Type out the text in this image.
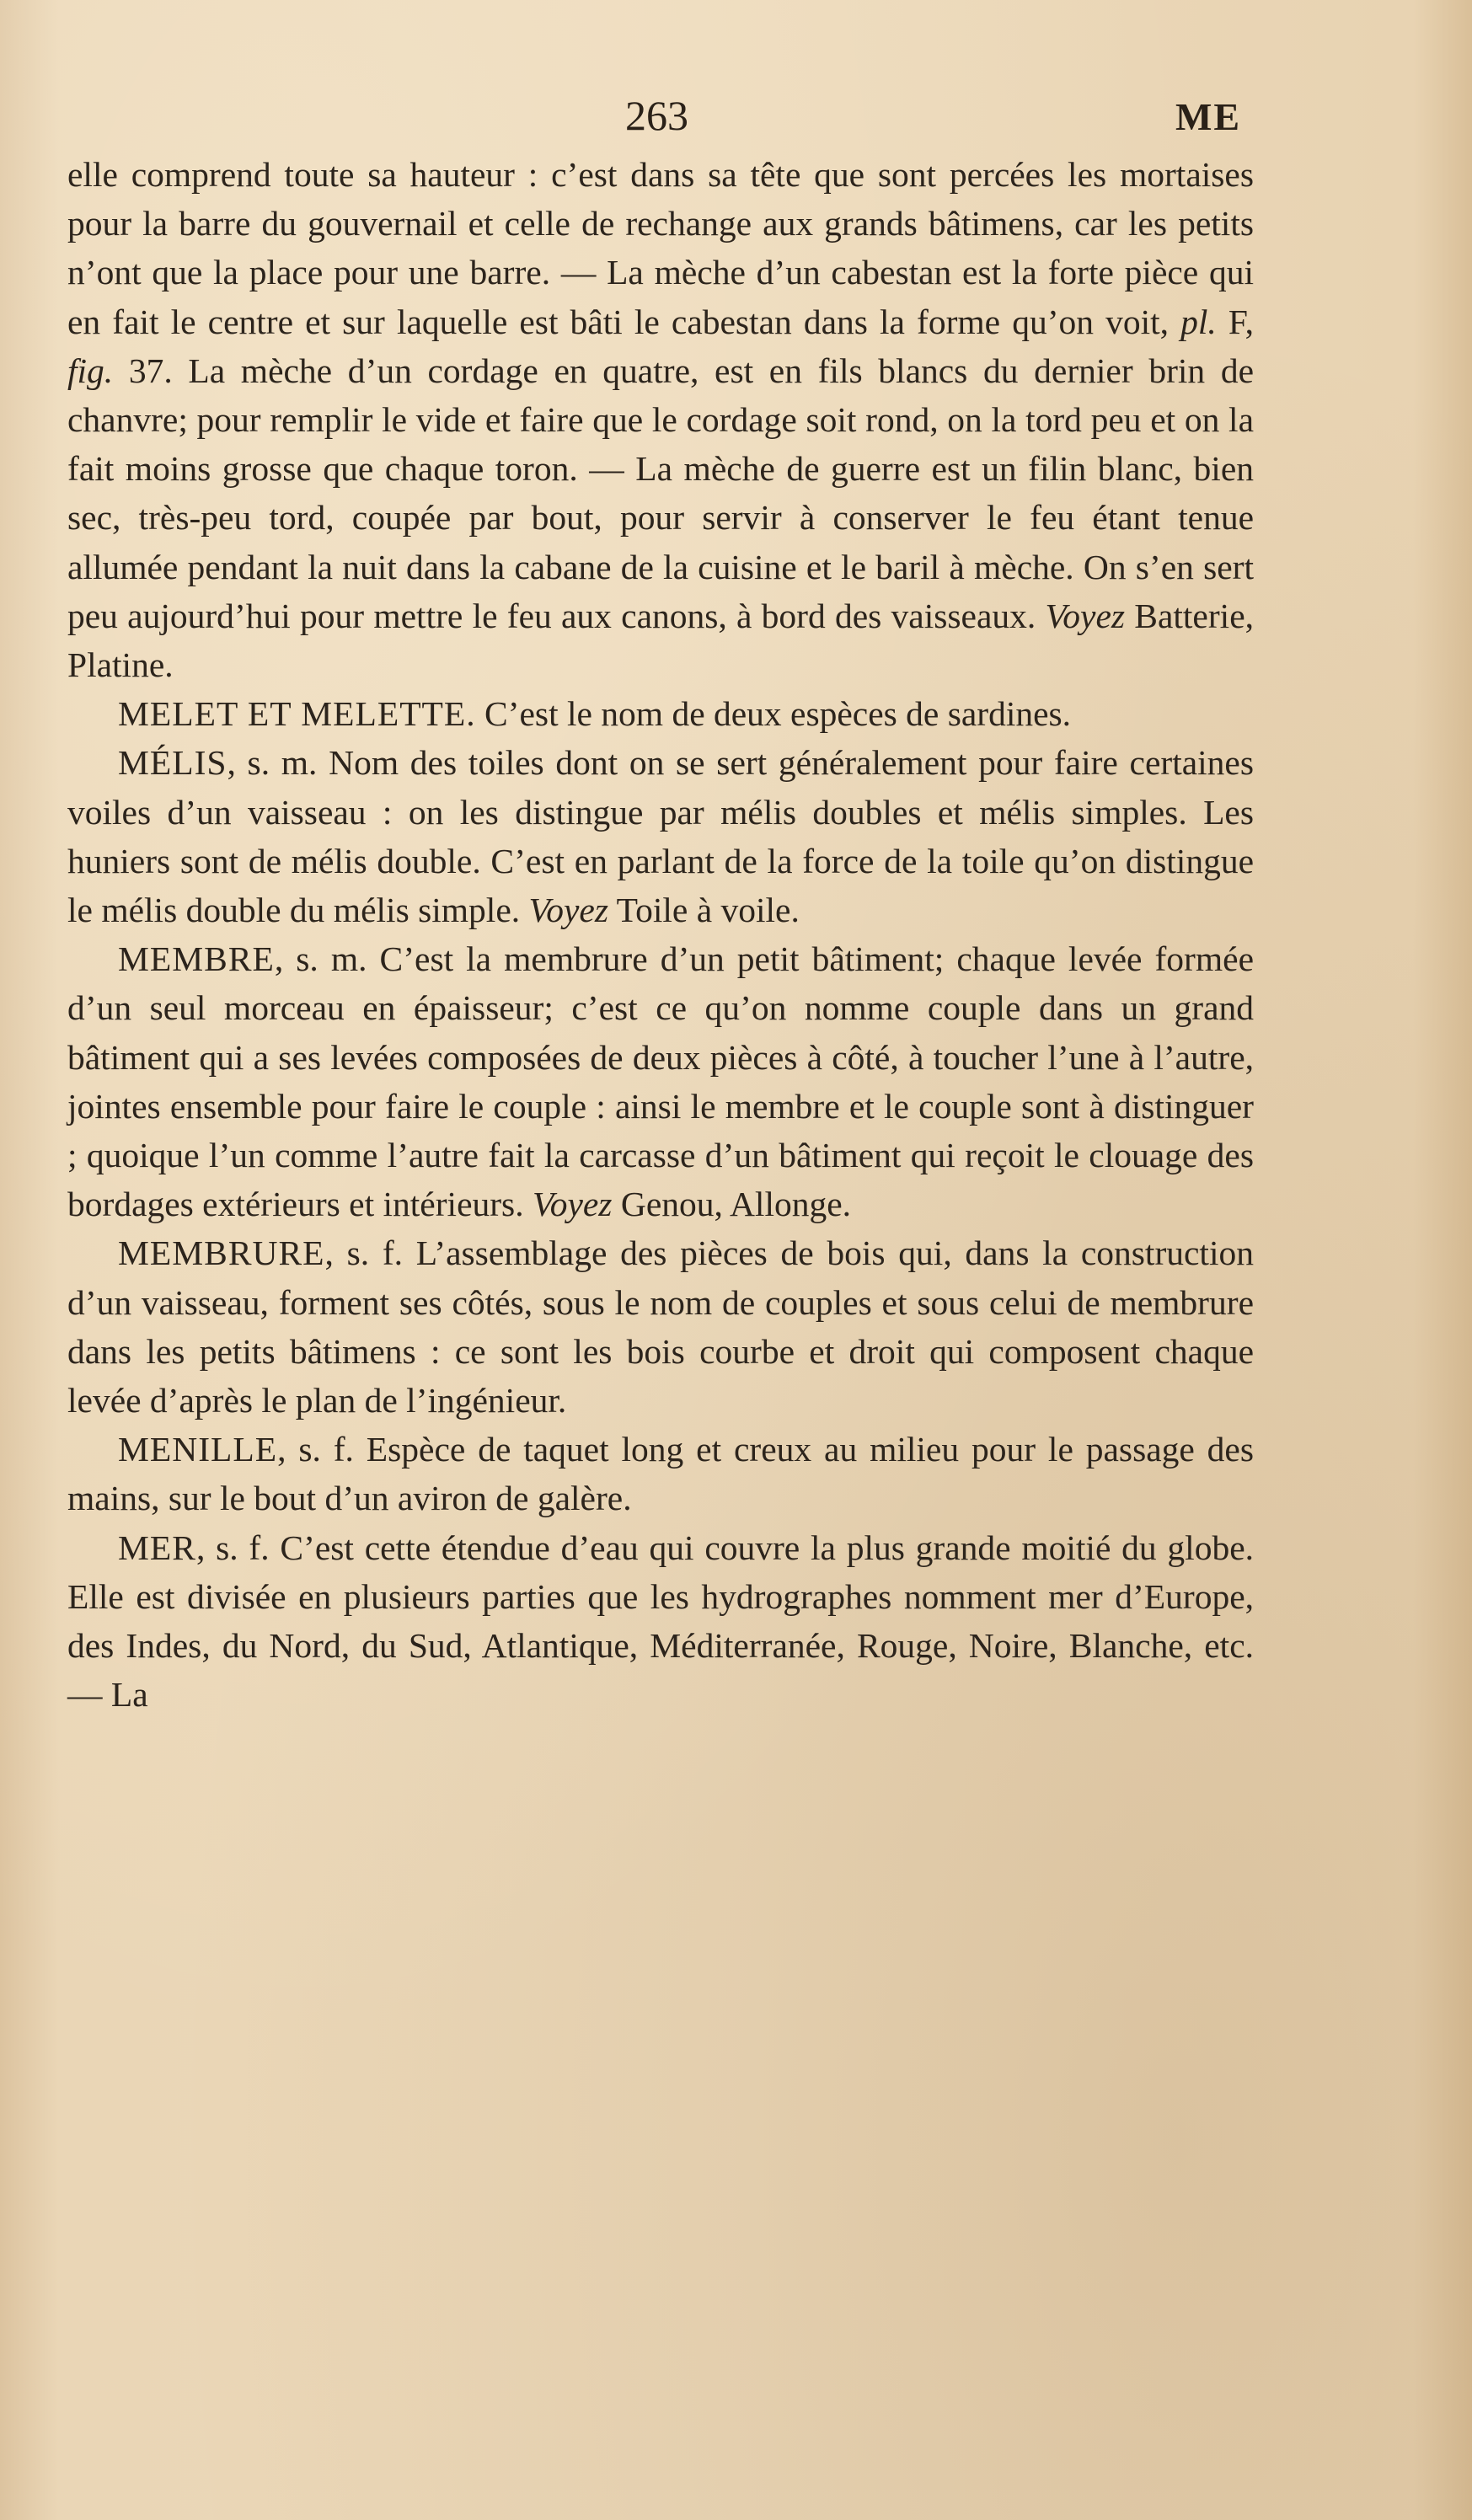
263	ME

elle comprend toute sa hauteur : c’est dans sa tête que sont percées les mortaises pour la barre du gouvernail et celle de rechange aux grands bâtimens, car les petits n’ont que la place pour une barre. — La mèche d’un cabestan est la forte pièce qui en fait le centre et sur laquelle est bâti le cabestan dans la forme qu’on voit, pl. F, fig. 37. La mèche d’un cordage en quatre, est en fils blancs du dernier brin de chanvre; pour remplir le vide et faire que le cordage soit rond, on la tord peu et on la fait moins grosse que chaque toron. — La mèche de guerre est un filin blanc, bien sec, très-peu tord, coupée par bout, pour servir à conserver le feu étant tenue allumée pendant la nuit dans la cabane de la cuisine et le baril à mèche. On s’en sert peu aujourd’hui pour mettre le feu aux canons, à bord des vaisseaux. Voyez Batterie, Platine.

MELET ET MELETTE. C’est le nom de deux espèces de sardines.

MÉLIS, s. m. Nom des toiles dont on se sert généralement pour faire certaines voiles d’un vaisseau : on les distingue par mélis doubles et mélis simples. Les huniers sont de mélis double. C’est en parlant de la force de la toile qu’on distingue le mélis double du mélis simple. Voyez Toile à voile.

MEMBRE, s. m. C’est la membrure d’un petit bâtiment; chaque levée formée d’un seul morceau en épaisseur; c’est ce qu’on nomme couple dans un grand bâtiment qui a ses levées composées de deux pièces à côté, à toucher l’une à l’autre, jointes ensemble pour faire le couple : ainsi le membre et le couple sont à distinguer ; quoique l’un comme l’autre fait la carcasse d’un bâtiment qui reçoit le clouage des bordages extérieurs et intérieurs. Voyez Genou, Allonge.

MEMBRURE, s. f. L’assemblage des pièces de bois qui, dans la construction d’un vaisseau, forment ses côtés, sous le nom de couples et sous celui de membrure dans les petits bâtimens : ce sont les bois courbe et droit qui composent chaque levée d’après le plan de l’ingénieur.

MENILLE, s. f. Espèce de taquet long et creux au milieu pour le passage des mains, sur le bout d’un aviron de galère.

MER, s. f. C’est cette étendue d’eau qui couvre la plus grande moitié du globe. Elle est divisée en plusieurs parties que les hydrographes nomment mer d’Europe, des Indes, du Nord, du Sud, Atlantique, Méditerranée, Rouge, Noire, Blanche, etc. — La
